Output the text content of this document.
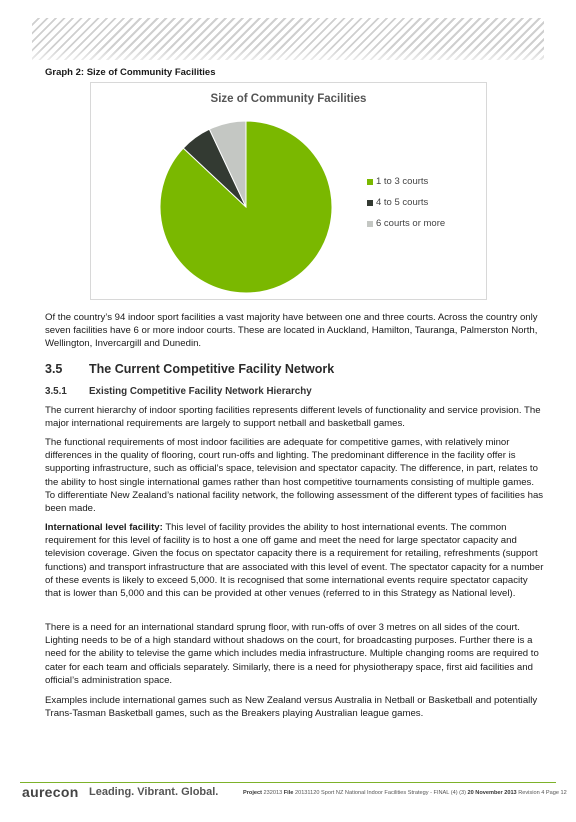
Graph 2: Size of Community Facilities
Size of Community Facilities
1 to 3 courts
4 to 5 courts
6 courts or more

Of the country’s 94 indoor sport facilities a vast majority have between one and three courts. Across the country only seven facilities have 6 or more indoor courts. These are located in Auckland, Hamilton, Tauranga, Palmerston North, Wellington, Invercargill and Dunedin.

3.5 The Current Competitive Facility Network
3.5.1 Existing Competitive Facility Network Hierarchy

The current hierarchy of indoor sporting facilities represents different levels of functionality and service provision. The major international requirements are largely to support netball and basketball games.

The functional requirements of most indoor facilities are adequate for competitive games, with relatively minor differences in the quality of flooring, court run-offs and lighting. The predominant difference in the facility offer is supporting infrastructure, such as official’s space, television and spectator capacity. The difference, in part, relates to the ability to host single international games rather than host competitive tournaments consisting of multiple games. To differentiate New Zealand’s national facility network, the following assessment of the different types of facilities has been made.

International level facility: This level of facility provides the ability to host international events. The common requirement for this level of facility is to host a one off game and meet the need for large spectator capacity and television coverage. Given the focus on spectator capacity there is a requirement for retailing, refreshments (support functions) and transport infrastructure that are associated with this level of event. The spectator capacity for a number of these events is likely to exceed 5,000. It is recognised that some international events require spectator capacity that is lower than 5,000 and this can be provided at other venues (referred to in this Strategy as National level).

There is a need for an international standard sprung floor, with run-offs of over 3 metres on all sides of the court. Lighting needs to be of a high standard without shadows on the court, for broadcasting purposes. Further there is a need for the ability to televise the game which includes media infrastructure. Multiple changing rooms are required to cater for each team and officials separately. Similarly, there is a need for physiotherapy space, first aid facilities and official’s administration space.

Examples include international games such as New Zealand versus Australia in Netball or Basketball and potentially Trans-Tasman Basketball games, such as the Breakers playing Australian league games.

aurecon Leading. Vibrant. Global.	Project 232013 File 20131120 Sport NZ National Indoor Facilities Strategy - FINAL (4) (3) 20 November 2013 Revision 4 Page 12
